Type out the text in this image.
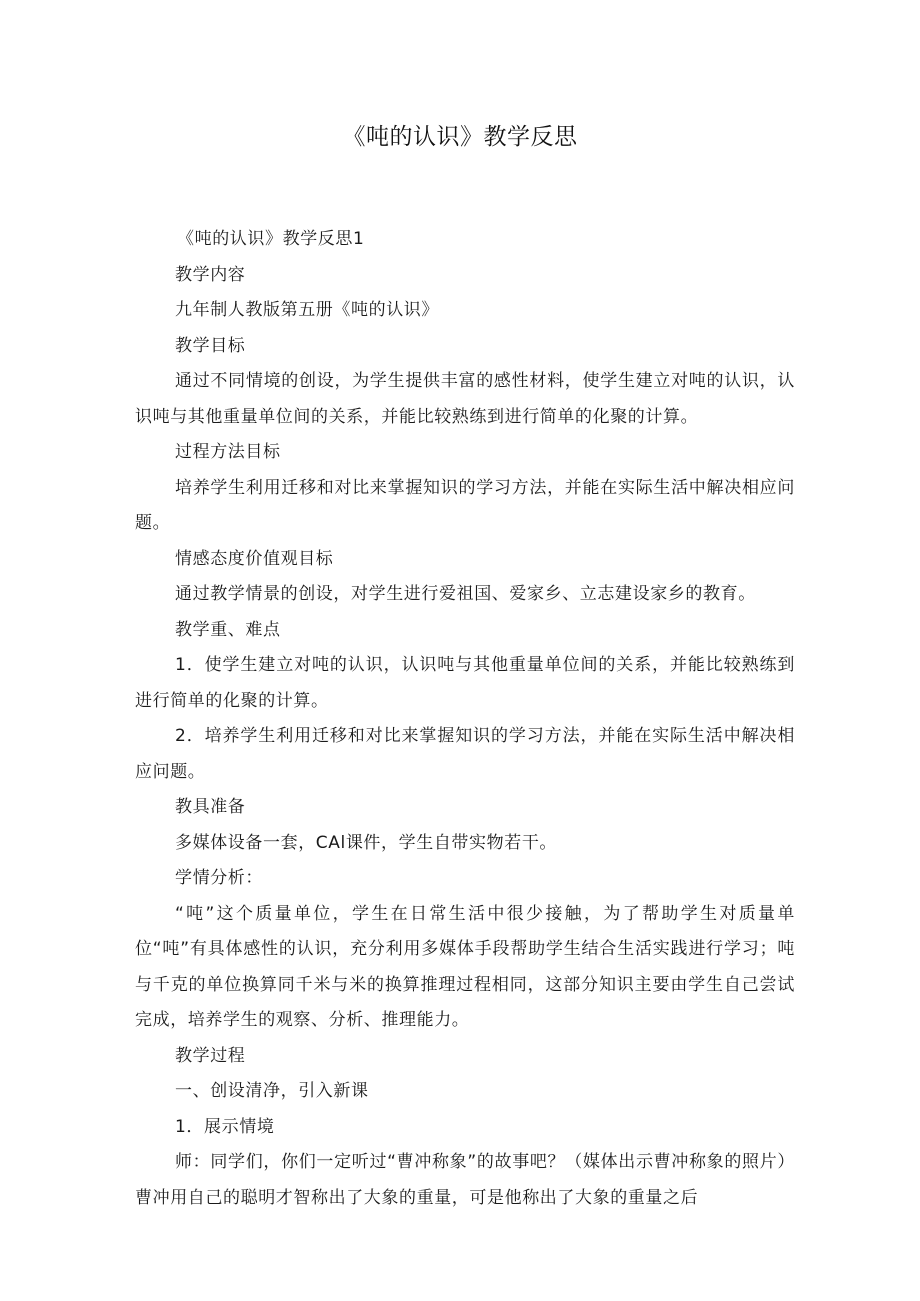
《吨的认识》教学反思

《吨的认识》教学反思1

教学内容

九年制人教版第五册《吨的认识》

教学目标

通过不同情境的创设，为学生提供丰富的感性材料，使学生建立对吨的认识，认识吨与其他重量单位间的关系，并能比较熟练到进行简单的化聚的计算。

过程方法目标

培养学生利用迁移和对比来掌握知识的学习方法，并能在实际生活中解决相应问题。

情感态度价值观目标

通过教学情景的创设，对学生进行爱祖国、爱家乡、立志建设家乡的教育。

教学重、难点

1．使学生建立对吨的认识，认识吨与其他重量单位间的关系，并能比较熟练到进行简单的化聚的计算。

2．培养学生利用迁移和对比来掌握知识的学习方法，并能在实际生活中解决相应问题。

教具准备

多媒体设备一套，CAl课件，学生自带实物若干。

学情分析：

“吨”这个质量单位，学生在日常生活中很少接触，为了帮助学生对质量单位“吨”有具体感性的认识，充分利用多媒体手段帮助学生结合生活实践进行学习；吨与千克的单位换算同千米与米的换算推理过程相同，这部分知识主要由学生自己尝试完成，培养学生的观察、分析、推理能力。

教学过程

一、创设清净，引入新课

1．展示情境

师：同学们，你们一定听过“曹冲称象”的故事吧？（媒体出示曹冲称象的照片）曹冲用自己的聪明才智称出了大象的重量，可是他称出了大象的重量之后
